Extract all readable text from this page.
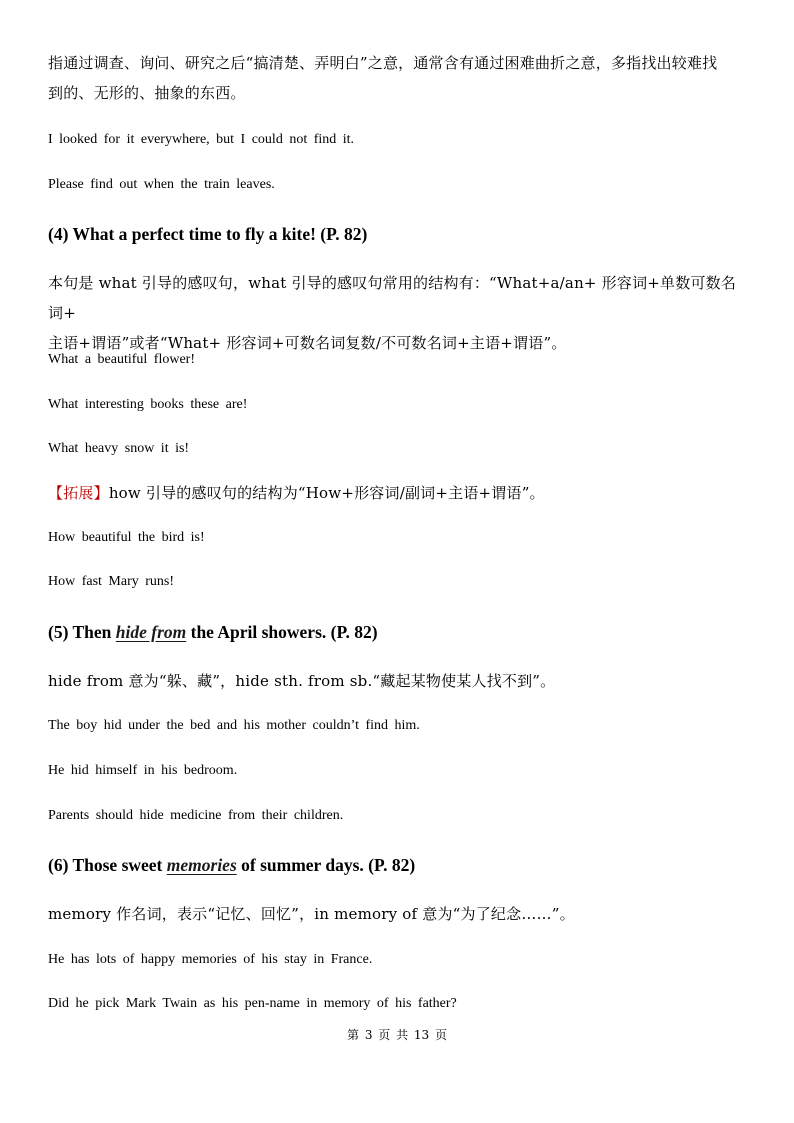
指通过调查、询问、研究之后“搞清楚、弄明白”之意，通常含有通过困难曲折之意，多指找出较难找
到的、无形的、抽象的东西。
I looked for it everywhere, but I could not find it.
Please find out when the train leaves.
(4) What a perfect time to fly a kite! (P. 82)
本句是 what 引导的感叹句，what 引导的感叹句常用的结构有：“What+a/an+ 形容词+单数可数名词+
主语+谓语”或者“What+ 形容词+可数名词复数/不可数名词+主语+谓语”。
What a beautiful flower!
What interesting books these are!
What heavy snow it is!
【拓展】how 引导的感叹句的结构为“How+形容词/副词+主语+谓语”。
How beautiful the bird is!
How fast Mary runs!
(5) Then hide from the April showers. (P. 82)
hide from 意为“躲、藏”，hide sth. from sb.“藏起某物使某人找不到”。
The boy hid under the bed and his mother couldn’t find him.
He hid himself in his bedroom.
Parents should hide medicine from their children.
(6) Those sweet memories of summer days. (P. 82)
memory 作名词，表示“记忆、回忆”，in memory of 意为“为了纪念……”。
He has lots of happy memories of his stay in France.
Did he pick Mark Twain as his pen-name in memory of his father?
第 3 页 共 13 页
